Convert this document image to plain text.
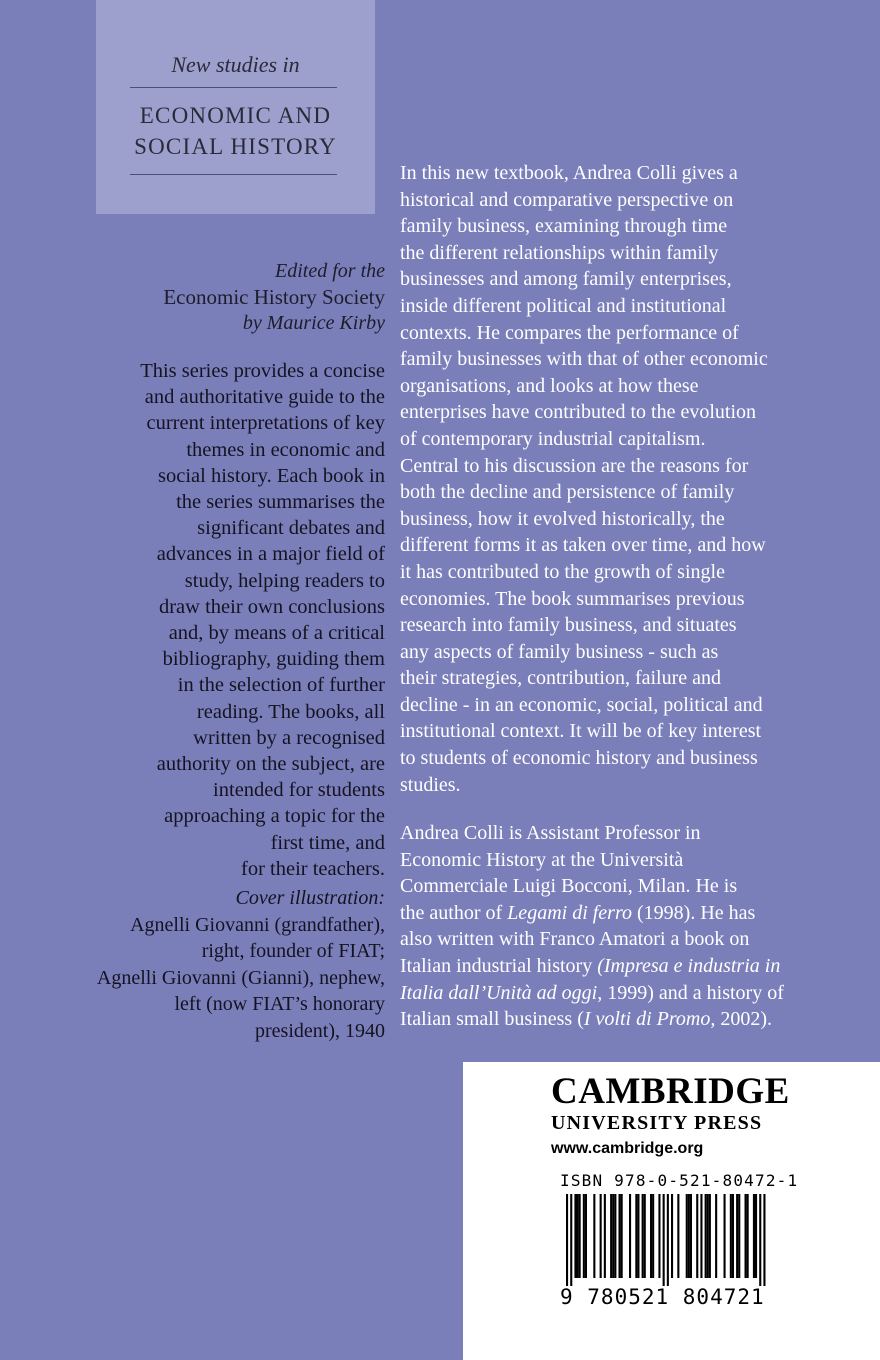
New studies in
ECONOMIC AND
SOCIAL HISTORY
Edited for the
Economic History Society
by Maurice Kirby

This series provides a concise
and authoritative guide to the
current interpretations of key
themes in economic and
social history. Each book in
the series summarises the
significant debates and
advances in a major field of
study, helping readers to
draw their own conclusions
and, by means of a critical
bibliography, guiding them
in the selection of further
reading. The books, all
written by a recognised
authority on the subject, are
intended for students
approaching a topic for the
first time, and
for their teachers.

Cover illustration:
Agnelli Giovanni (grandfather),
right, founder of FIAT;
Agnelli Giovanni (Gianni), nephew,
left (now FIAT’s honorary
president), 1940
In this new textbook, Andrea Colli gives a
historical and comparative perspective on
family business, examining through time
the different relationships within family
businesses and among family enterprises,
inside different political and institutional
contexts. He compares the performance of
family businesses with that of other economic
organisations, and looks at how these
enterprises have contributed to the evolution
of contemporary industrial capitalism.
Central to his discussion are the reasons for
both the decline and persistence of family
business, how it evolved historically, the
different forms it as taken over time, and how
it has contributed to the growth of single
economies. The book summarises previous
research into family business, and situates
any aspects of family business - such as
their strategies, contribution, failure and
decline - in an economic, social, political and
institutional context. It will be of key interest
to students of economic history and business
studies.
Andrea Colli is Assistant Professor in
Economic History at the Università
Commerciale Luigi Bocconi, Milan. He is
the author of Legami di ferro (1998). He has
also written with Franco Amatori a book on
Italian industrial history (Impresa e industria in
Italia dall’Unità ad oggi, 1999) and a history of
Italian small business (I volti di Promo, 2002).
CAMBRIDGE
UNIVERSITY PRESS
www.cambridge.org
ISBN 978-0-521-80472-1
9 780521 804721
